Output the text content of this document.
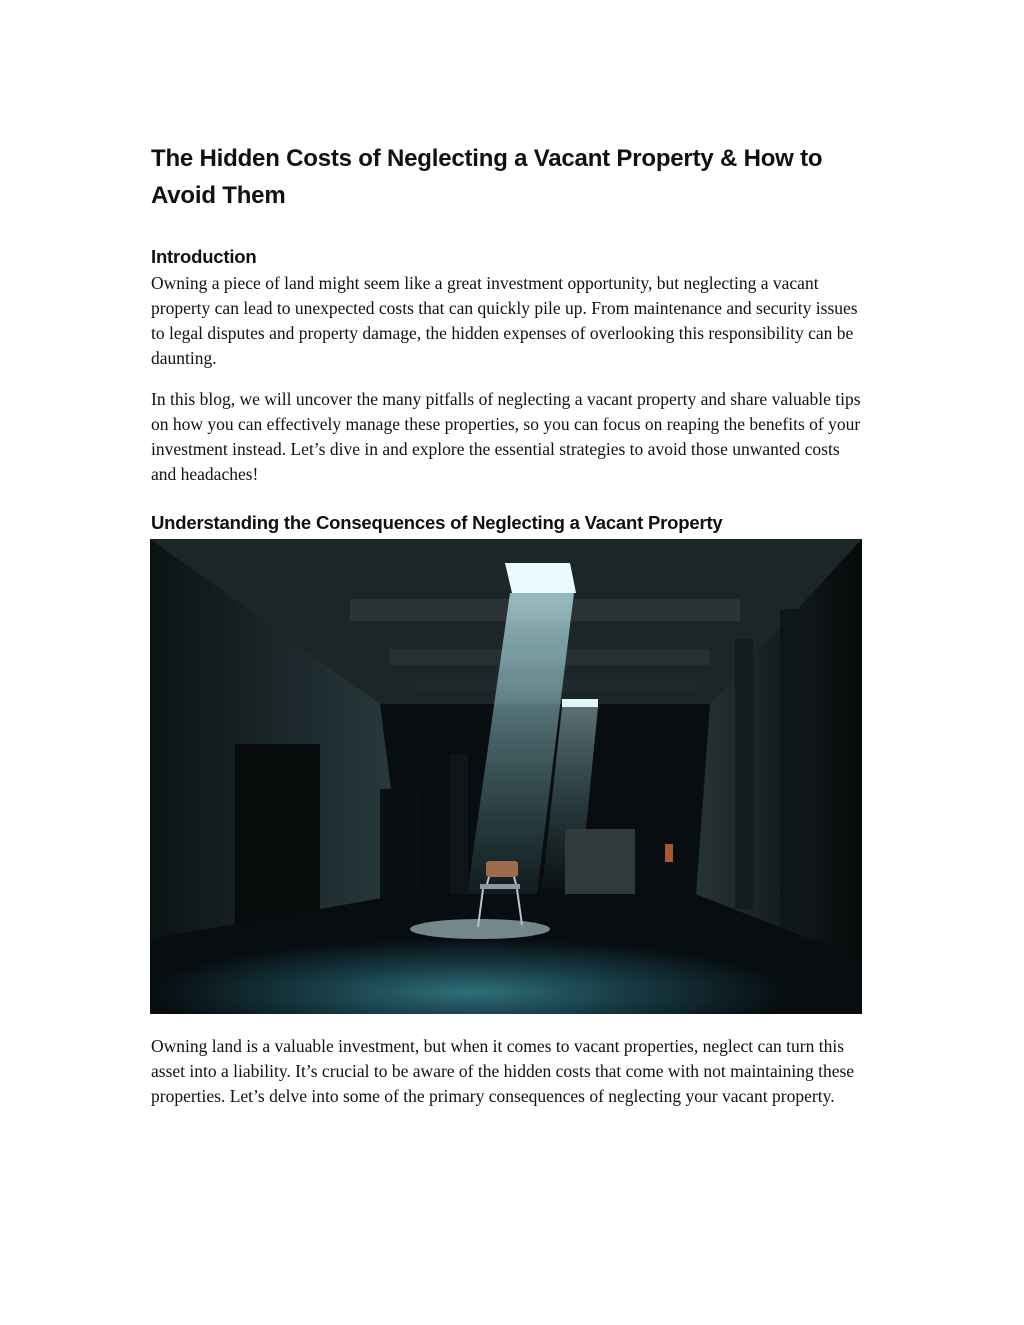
The Hidden Costs of Neglecting a Vacant Property & How to Avoid Them
Introduction

Owning a piece of land might seem like a great investment opportunity, but neglecting a vacant property can lead to unexpected costs that can quickly pile up. From maintenance and security issues to legal disputes and property damage, the hidden expenses of overlooking this responsibility can be daunting.

In this blog, we will uncover the many pitfalls of neglecting a vacant property and share valuable tips on how you can effectively manage these properties, so you can focus on reaping the benefits of your investment instead. Let’s dive in and explore the essential strategies to avoid those unwanted costs and headaches!

Understanding the Consequences of Neglecting a Vacant Property

Owning land is a valuable investment, but when it comes to vacant properties, neglect can turn this asset into a liability. It’s crucial to be aware of the hidden costs that come with not maintaining these properties. Let’s delve into some of the primary consequences of neglecting your vacant property.
